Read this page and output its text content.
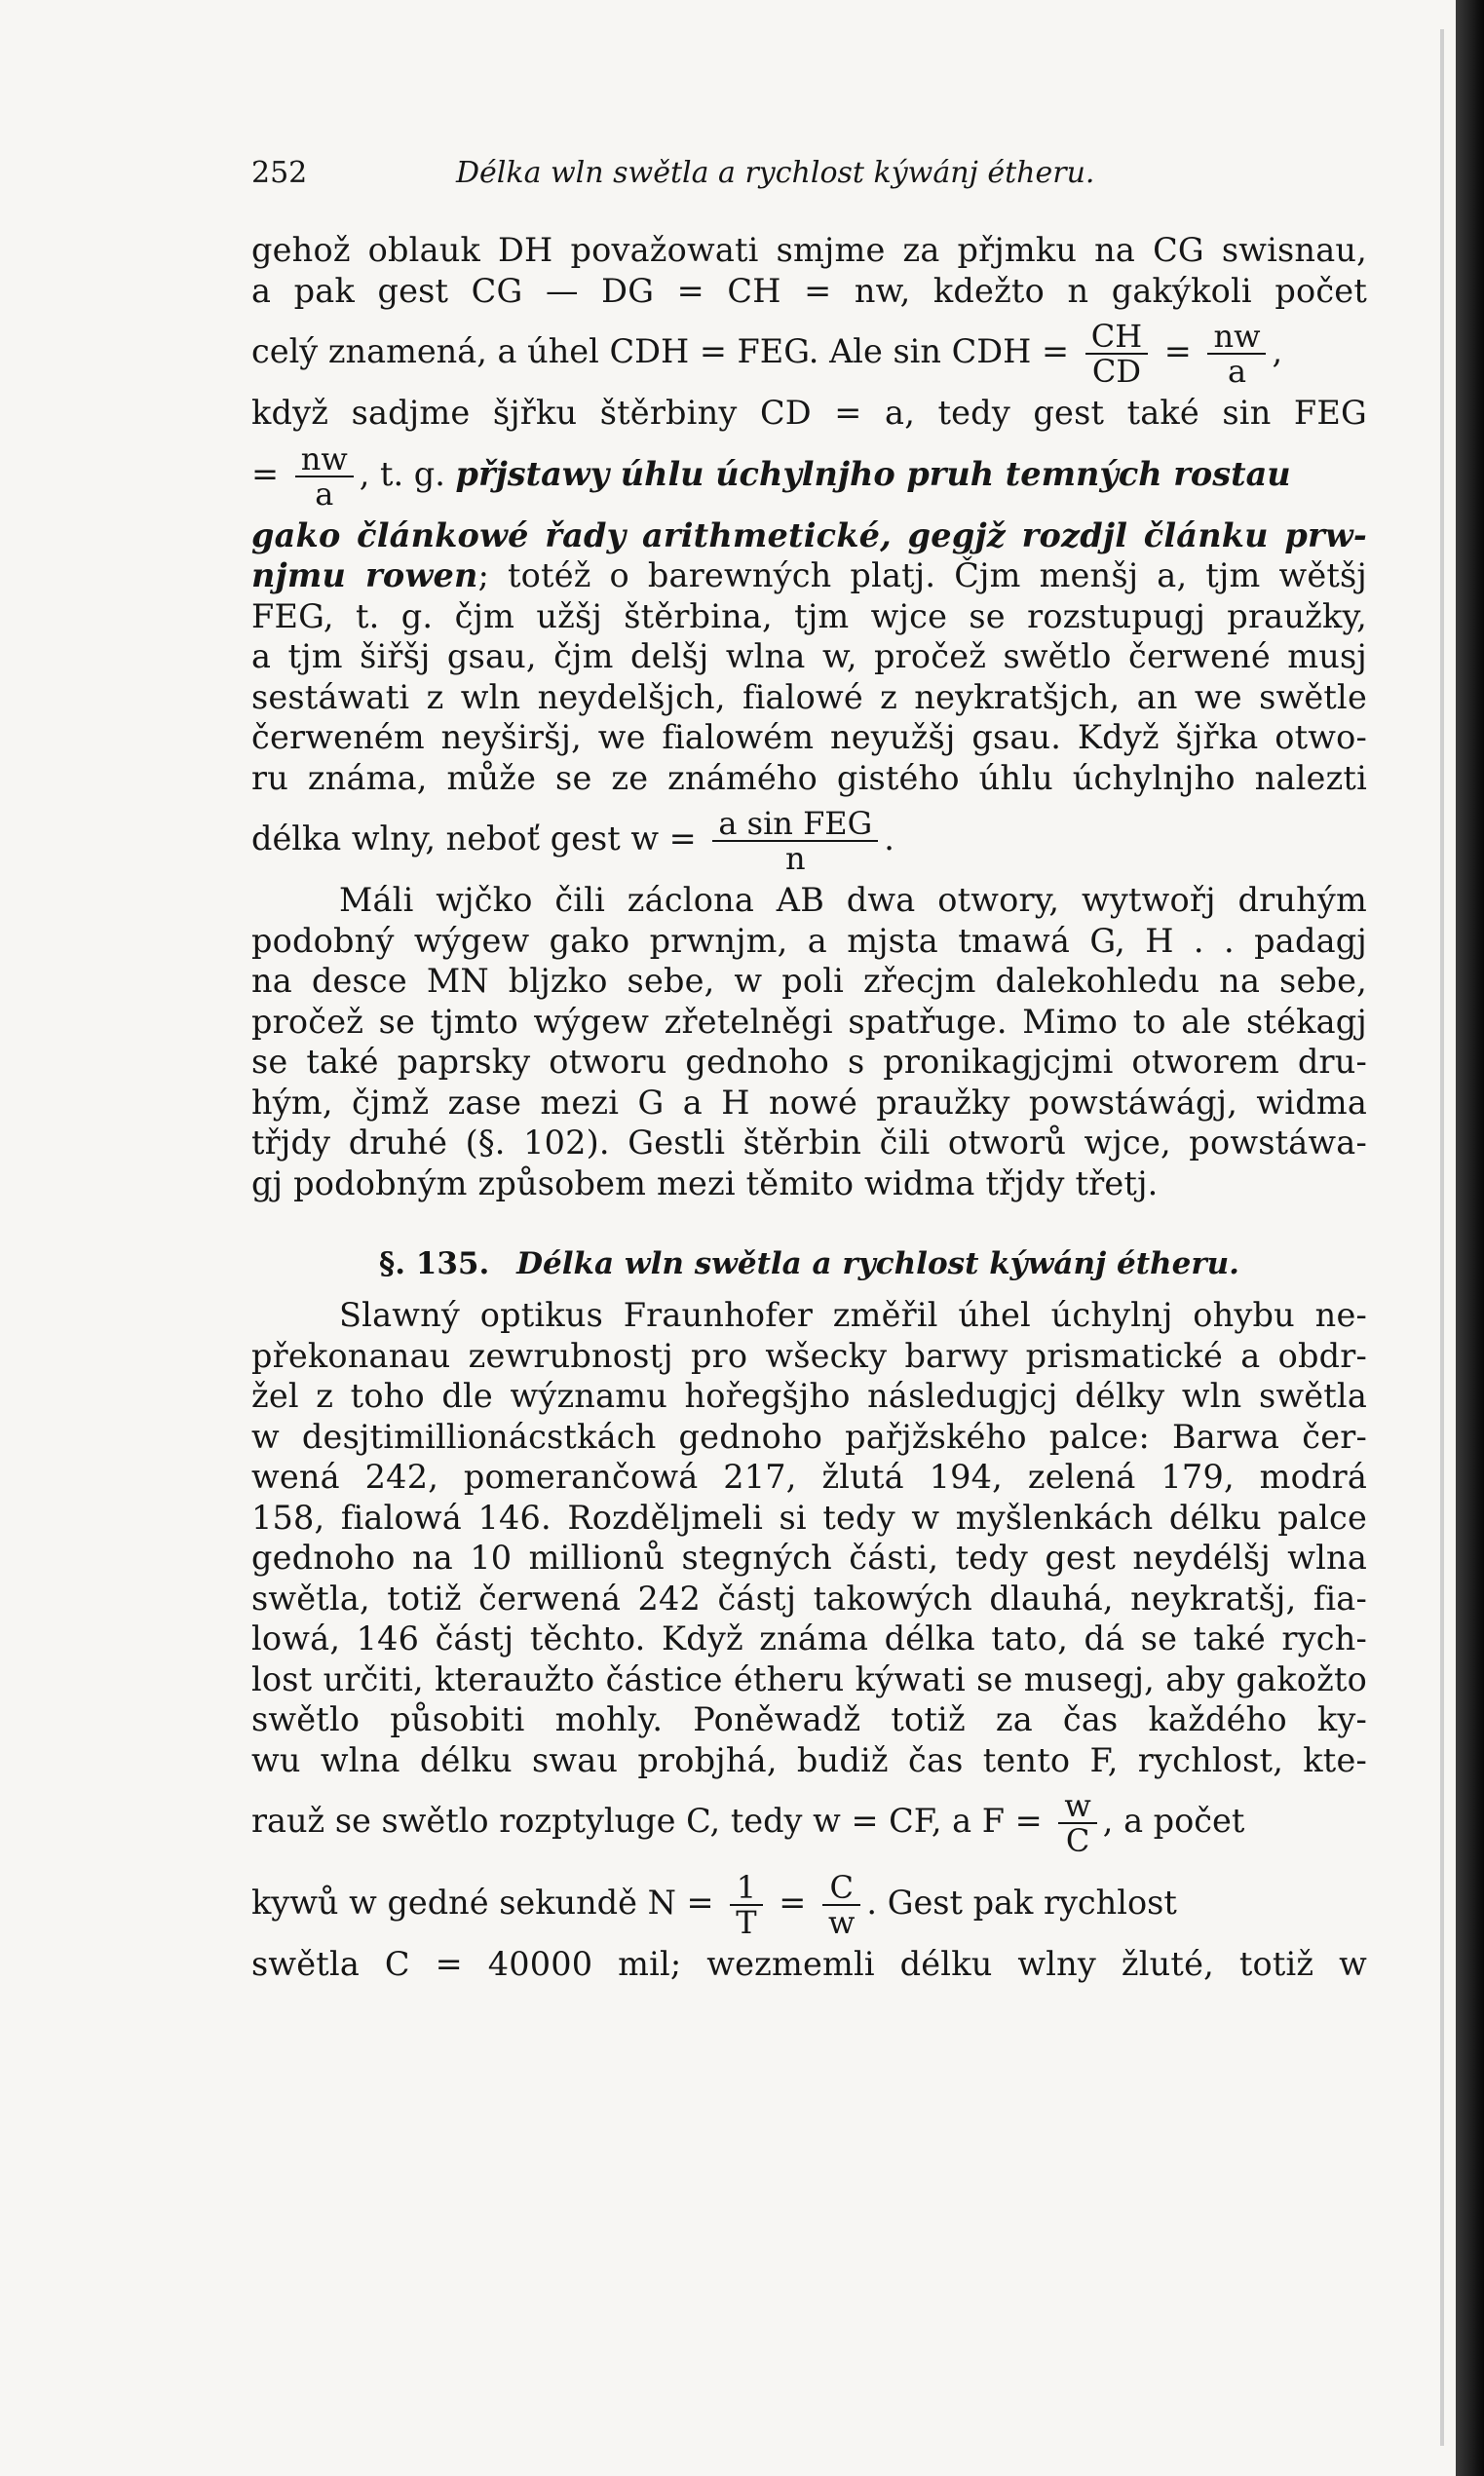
252	Délka wln swětla a rychlost kýwánj étheru.
gehož oblauk DH považowati smjme za přjmku na CG swisnau,
a pak gest CG — DG = CH = nw, kdežto n gakýkoli počet
celý znamená, a úhel CDH = FEG. Ale sin CDH = $\frac{CH}{CD} = \frac{nw}{a}$ ,
když sadjme šjřku štěrbiny CD = a, tedy gest také sin FEG
= $\frac{nw}{a}$ , t. g. přjstawy úhlu úchylnjho pruh temných rostau
gako článkowé řady arithmetické, gegjž rozdjl článku prw-
njmu rowen; totéž o barewných platj. Čjm menšj a, tjm wětšj
FEG, t. g. čjm užšj štěrbina, tjm wjce se rozstupugj praužky,
a tjm šiřšj gsau, čjm delšj wlna w, pročež swětlo čerwené musj
sestáwati z wln neydelšjch, fialowé z neykratšjch, an we swětle
čerweném neyširšj, we fialowém neyužšj gsau. Když šjřka otwo-
ru známa, může se ze známého gistého úhlu úchylnjho nalezti
délka wlny, neboť gest $w = \frac{\text{a sin FEG}}{n}$ .
Máli wjčko čili záclona AB dwa otwory, wytwořj druhým
podobný wýgew gako prwnjm, a mjsta tmawá G, H . . padagj
na desce MN bljzko sebe, w poli zřecjm dalekohledu na sebe,
pročež se tjmto wýgew zřetelněgi spatřuge. Mimo to ale stékagj
se také paprsky otworu gednoho s pronikagjcjmi otworem dru-
hým, čjmž zase mezi G a H nowé praužky powstáwágj, widma
třjdy druhé (§. 102). Gestli štěrbin čili otworů wjce, powstáwa-
gj podobným způsobem mezi těmito widma třjdy třetj.
§. 135. Délka wln swětla a rychlost kýwánj étheru.
Slawný optikus Fraunhofer změřil úhel úchylnj ohybu ne-
překonanau zewrubnostj pro wšecky barwy prismatické a obdr-
žel z toho dle wýznamu hořegšjho následugjcj délky wln swětla
w desjtimillionácstkách gednoho pařjžského palce: Barwa čer-
wená 242, pomerančowá 217, žlutá 194, zelená 179, modrá
158, fialowá 146. Rozděljmeli si tedy w myšlenkách délku palce
gednoho na 10 millionů stegných části, tedy gest neydélšj wlna
swětla, totiž čerwená 242 částj takowých dlauhá, neykratšj, fia-
lowá, 146 částj těchto. Když známa délka tato, dá se také rych-
lost určiti, kteraužto částice étheru kýwati se musegj, aby gakožto
swětlo působiti mohly. Poněwadž totiž za čas každého ky-
wu wlna délku swau probjhá, budiž čas tento F, rychlost, kte-
rauž se swětlo rozptyluge C, tedy w = CF, a $F = \frac{w}{C}$ , a počet
kywů w gedné sekundě $N = \frac{1}{T} = \frac{C}{w}$ . Gest pak rychlost
swětla C = 40000 mil; wezmemli délku wlny žluté, totiž w
